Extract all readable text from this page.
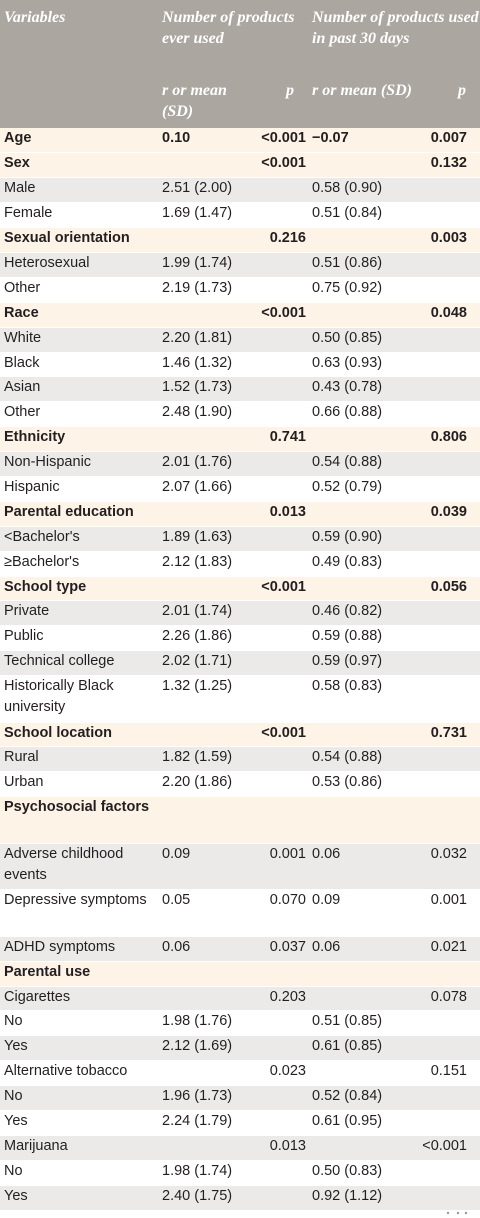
Variables	Number of products ever used		Number of products used in past 30 days	
	r or mean (SD)	p	r or mean (SD)	p
Age	0.10	<0.001	−0.07	0.007
Sex		<0.001		0.132
Male	2.51 (2.00)		0.58 (0.90)	
Female	1.69 (1.47)		0.51 (0.84)	
Sexual orientation		0.216		0.003
Heterosexual	1.99 (1.74)		0.51 (0.86)	
Other	2.19 (1.73)		0.75 (0.92)	
Race		<0.001		0.048
White	2.20 (1.81)		0.50 (0.85)	
Black	1.46 (1.32)		0.63 (0.93)	
Asian	1.52 (1.73)		0.43 (0.78)	
Other	2.48 (1.90)		0.66 (0.88)	
Ethnicity		0.741		0.806
Non-Hispanic	2.01 (1.76)		0.54 (0.88)	
Hispanic	2.07 (1.66)		0.52 (0.79)	
Parental education		0.013		0.039
<Bachelor's	1.89 (1.63)		0.59 (0.90)	
≥Bachelor's	2.12 (1.83)		0.49 (0.83)	
School type		<0.001		0.056
Private	2.01 (1.74)		0.46 (0.82)	
Public	2.26 (1.86)		0.59 (0.88)	
Technical college	2.02 (1.71)		0.59 (0.97)	
Historically Black university	1.32 (1.25)		0.58 (0.83)	
School location		<0.001		0.731
Rural	1.82 (1.59)		0.54 (0.88)	
Urban	2.20 (1.86)		0.53 (0.86)	
Psychosocial factors				
Adverse childhood events	0.09	0.001	0.06	0.032
Depressive symptoms	0.05	0.070	0.09	0.001
ADHD symptoms	0.06	0.037	0.06	0.021
Parental use				
Cigarettes		0.203		0.078
No	1.98 (1.76)		0.51 (0.85)	
Yes	2.12 (1.69)		0.61 (0.85)	
Alternative tobacco		0.023		0.151
No	1.96 (1.73)		0.52 (0.84)	
Yes	2.24 (1.79)		0.61 (0.95)	
Marijuana		0.013		<0.001
No	1.98 (1.74)		0.50 (0.83)	
Yes	2.40 (1.75)		0.92 (1.12)	
